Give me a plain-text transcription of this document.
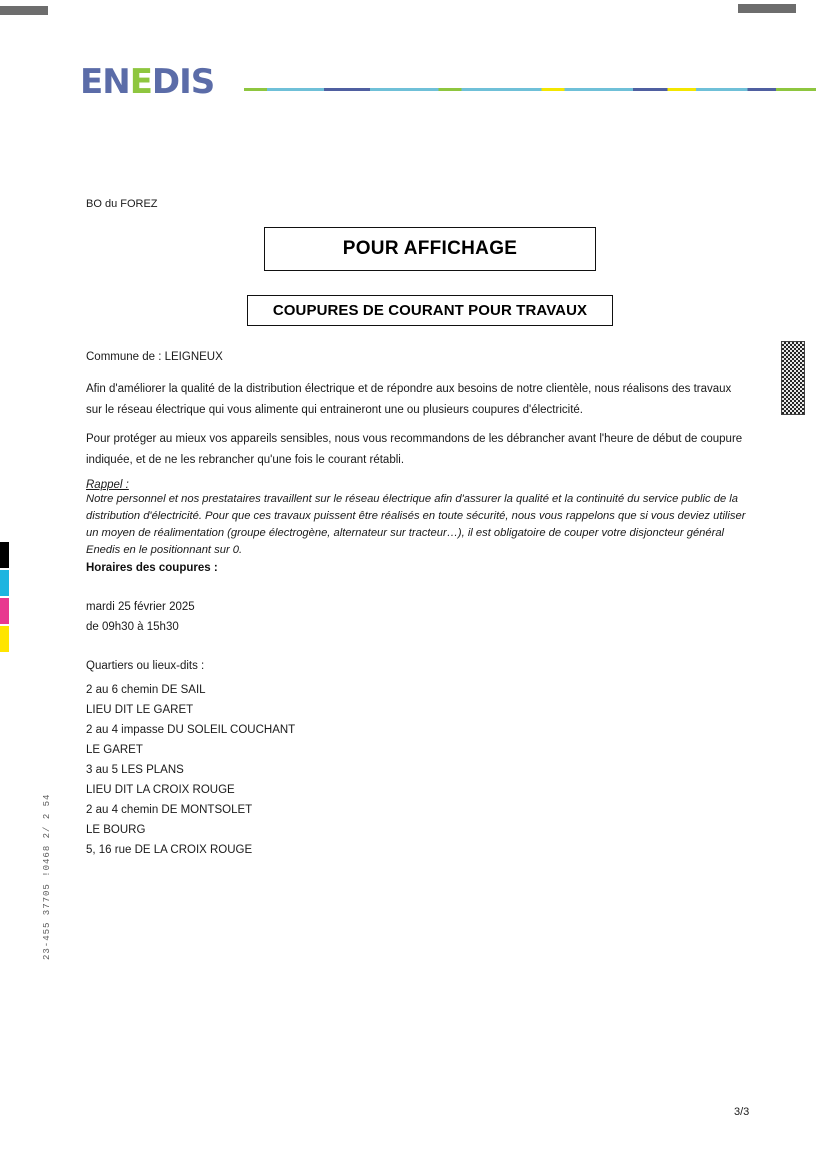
23-455 37705 !0468 2/ 2 54
ENEDIS
BO du FOREZ
POUR AFFICHAGE
COUPURES DE COURANT POUR TRAVAUX
Commune de : LEIGNEUX
Afin d'améliorer la qualité de la distribution électrique et de répondre aux besoins de notre clientèle, nous réalisons des travaux sur le réseau électrique qui vous alimente qui entraineront une ou plusieurs coupures d'électricité.
Pour protéger au mieux vos appareils sensibles, nous vous recommandons de les débrancher avant l'heure de début de coupure indiquée, et de ne les rebrancher qu'une fois le courant rétabli.
Rappel :
Notre personnel et nos prestataires travaillent sur le réseau électrique afin d'assurer la qualité et la continuité du service public de la distribution d'électricité. Pour que ces travaux puissent être réalisés en toute sécurité, nous vous rappelons que si vous deviez utiliser un moyen de réalimentation (groupe électrogène, alternateur sur tracteur…), il est obligatoire de couper votre disjoncteur général Enedis en le positionnant sur 0.
Horaires des coupures :
mardi 25 février 2025
de 09h30 à 15h30
Quartiers ou lieux-dits :
2 au 6 chemin DE SAIL
LIEU DIT LE GARET
2 au 4 impasse DU SOLEIL COUCHANT
LE GARET
3 au 5 LES PLANS
LIEU DIT LA CROIX ROUGE
2 au 4 chemin DE MONTSOLET
LE BOURG
5, 16 rue DE LA CROIX ROUGE
3/3
